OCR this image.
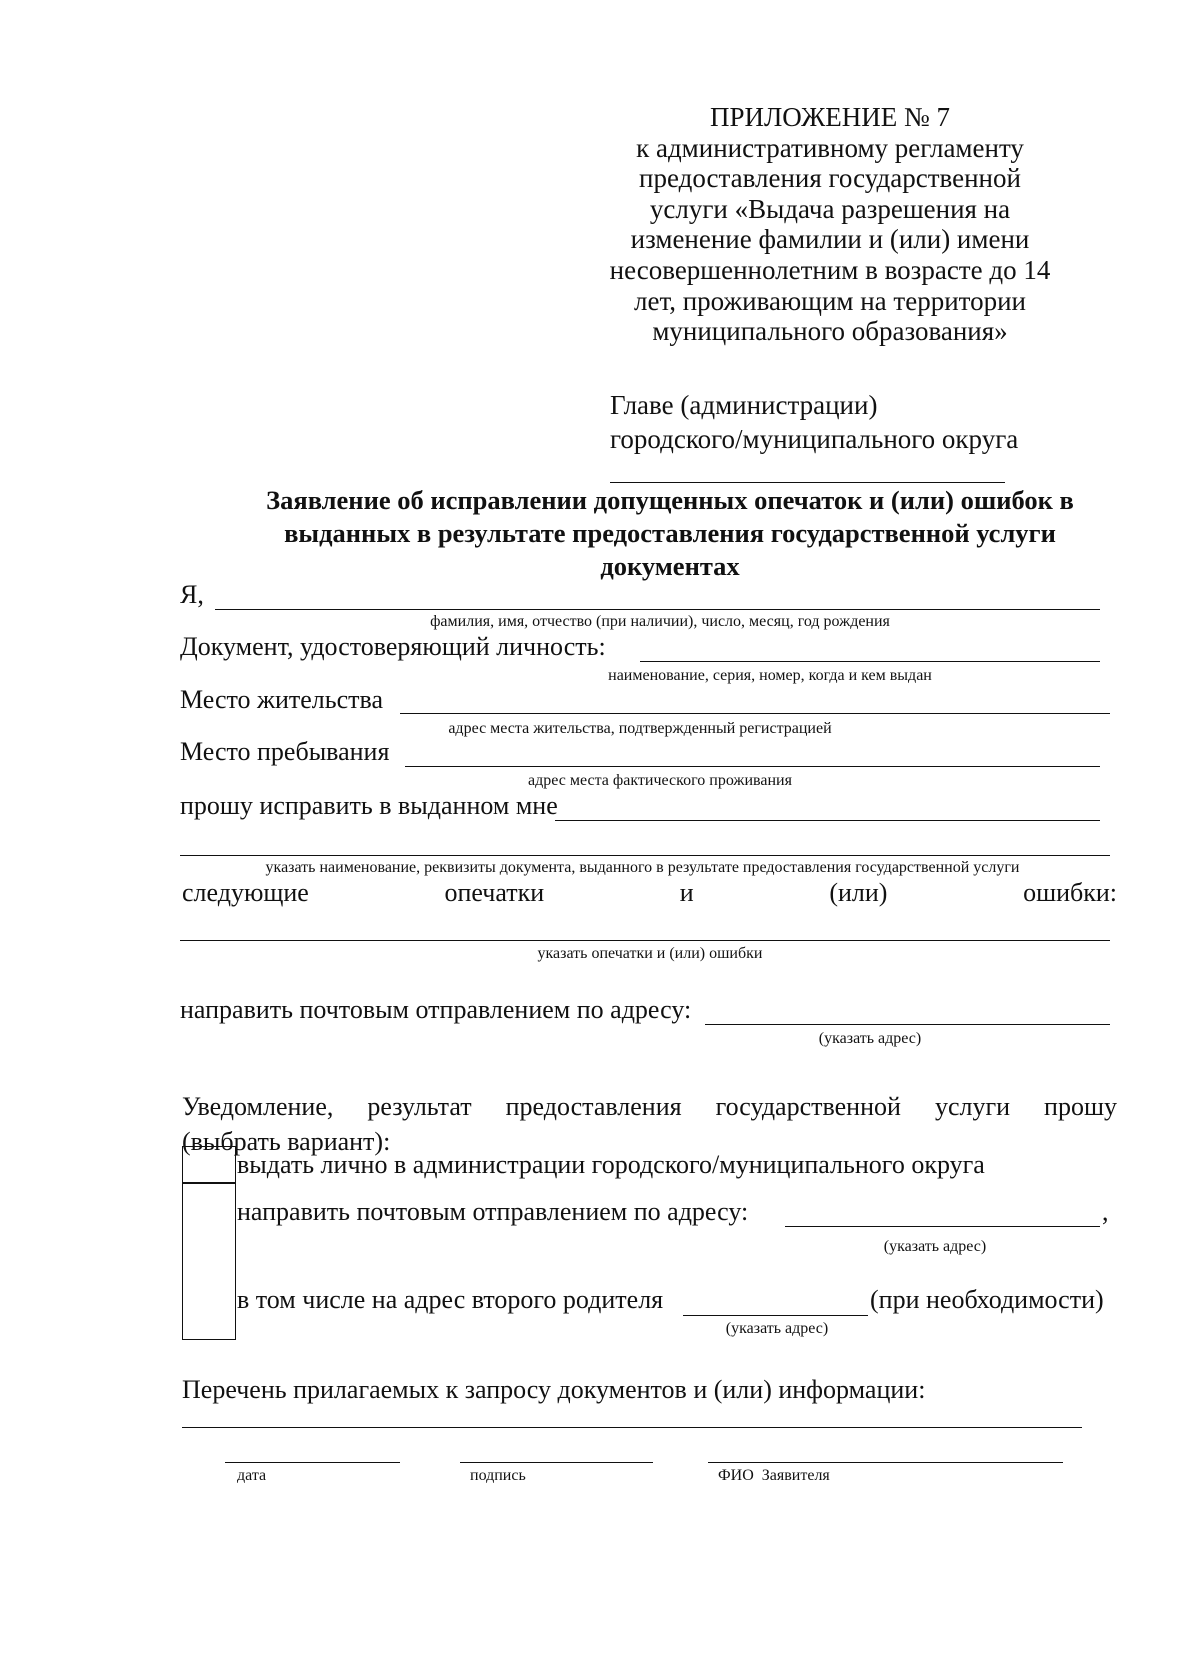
ПРИЛОЖЕНИЕ № 7
к административному регламенту
предоставления государственной
услуги «Выдача разрешения на
изменение фамилии и (или) имени
несовершеннолетним в возрасте до 14
лет, проживающим на территории
муниципального образования»
Главе (администрации)
городского/муниципального округа
Заявление об исправлении допущенных опечаток и (или) ошибок в
выданных в результате предоставления государственной услуги
документах
Я,
фамилия, имя, отчество (при наличии), число, месяц, год рождения
Документ, удостоверяющий личность:
наименование, серия, номер, когда и кем выдан
Место жительства
адрес места жительства, подтвержденный регистрацией
Место пребывания
адрес места фактического проживания
прошу исправить в выданном мне
указать наименование, реквизиты документа, выданного в результате предоставления государственной услуги
следующие	опечатки	и	(или)	ошибки:
указать опечатки и (или) ошибки
направить почтовым отправлением по адресу:
(указать адрес)
Уведомление, результат предоставления государственной услуги прошу
(выбрать вариант):
выдать лично в администрации городского/муниципального округа
направить почтовым отправлением по адресу:	,
(указать адрес)
в том числе на адрес второго родителя	(при необходимости)
(указать адрес)
Перечень прилагаемых к запросу документов и (или) информации:
дата	подпись	ФИО  Заявителя
